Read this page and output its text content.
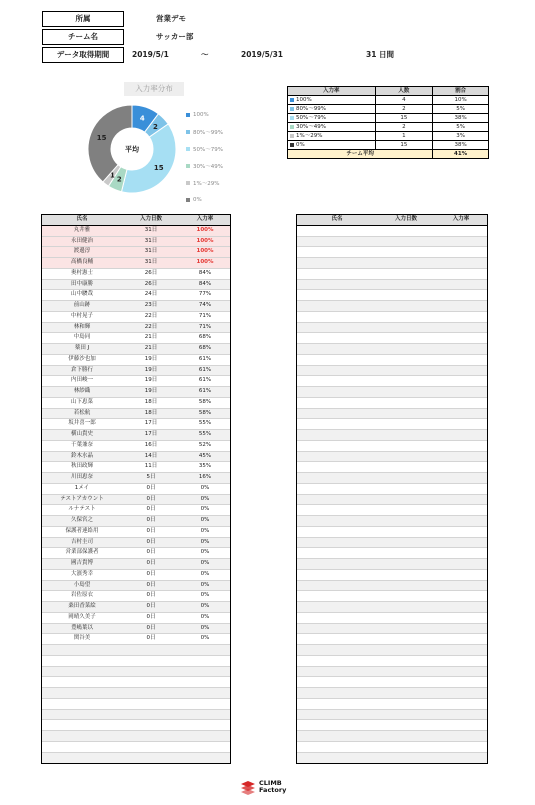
所属	営業デモ
チーム名	サッカー部
データ取得期間	2019/5/1	〜	2019/5/31	31 日間
入力率分布
4
2
15
2
1
15
平均
100%
80%〜99%
50%〜79%
30%〜49%
1%〜29%
0%
入力率	人数	割合
100%	4	10%
80%〜99%	2	5%
50%〜79%	15	38%
30%〜49%	2	5%
1%〜29%	1	3%
0%	15	38%
チーム平均		41%
氏名	入力日数	入力率
丸井雅	31日	100%
永田健治	31日	100%
渡邊淳	31日	100%
高橋良輔	31日	100%
奥村憲士	26日	84%
田中康勝	26日	84%
山中駿哉	24日	77%
前山跡	23日	74%
中村晃子	22日	71%
林和輝	22日	71%
中島同	21日	68%
薬田 J	21日	68%
伊藤沙也加	19日	61%
倉下勝行	19日	61%
内田峻一	19日	61%
林紗織	19日	61%
山下恵菜	18日	58%
若松航	18日	58%
坂井喜一郎	17日	55%
横山貴史	17日	55%
千葉兼奈	16日	52%
鈴木水晶	14日	45%
秋田政輝	11日	35%
川田恵奈	5日	16%
1メイ	0日	0%
テストアカウント	0日	0%
ルナテスト	0日	0%
久保宮之	0日	0%
保護者連絡用	0日	0%
吉村圭司	0日	0%
営業部保護者	0日	0%
國吉貴博	0日	0%
大濱秀幸	0日	0%
小島望	0日	0%
岩佐原衣	0日	0%
桑田香菜絵	0日	0%
岡晴久美子	0日	0%
豊嶋葉以	0日	0%
関谷美	0日	0%
氏名	入力日数	入力率
CLIMB
Factory
